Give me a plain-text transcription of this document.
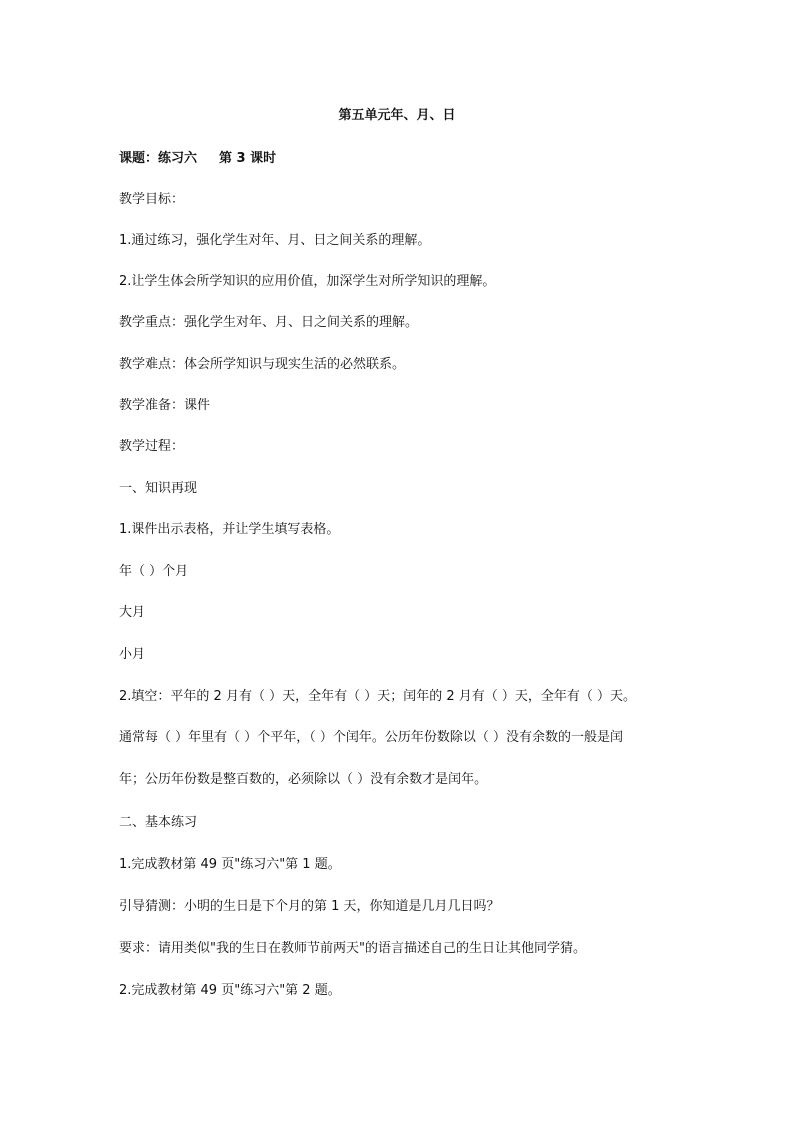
第五单元年、月、日
课题：练习六 第 3 课时
教学目标：
1.通过练习，强化学生对年、月、日之间关系的理解。
2.让学生体会所学知识的应用价值，加深学生对所学知识的理解。
教学重点：强化学生对年、月、日之间关系的理解。
教学难点：体会所学知识与现实生活的必然联系。
教学准备：课件
教学过程：
一、知识再现
1.课件出示表格，并让学生填写表格。
年（ ）个月
大月
小月
2.填空：平年的 2 月有（ ）天，全年有（ ）天；闰年的 2 月有（ ）天，全年有（ ）天。
通常每（ ）年里有（ ）个平年，（ ）个闰年。公历年份数除以（ ）没有余数的一般是闰
年；公历年份数是整百数的，必须除以（ ）没有余数才是闰年。
二、基本练习
1.完成教材第 49 页"练习六"第 1 题。
引导猜测：小明的生日是下个月的第 1 天，你知道是几月几日吗？
要求：请用类似"我的生日在教师节前两天"的语言描述自己的生日让其他同学猜。
2.完成教材第 49 页"练习六"第 2 题。
